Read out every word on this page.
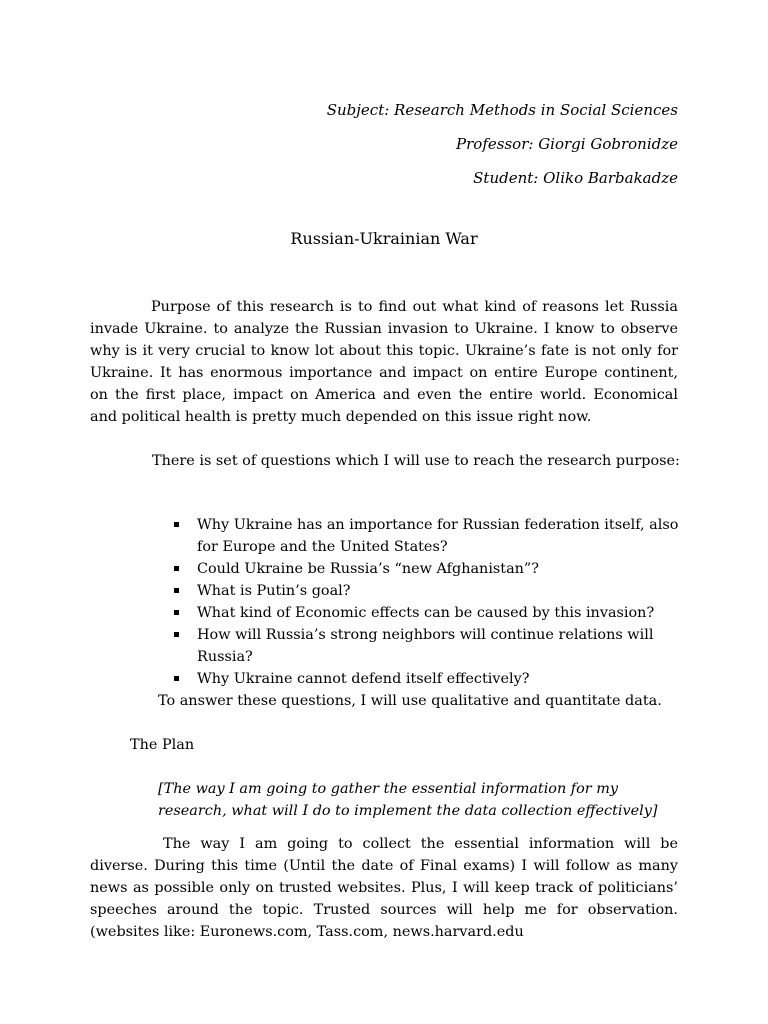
Subject: Research Methods in Social Sciences
Professor: Giorgi Gobronidze
Student: Oliko Barbakadze
Russian-Ukrainian War

Purpose of this research is to find out what kind of reasons let Russia invade Ukraine. to analyze the Russian invasion to Ukraine. I know to observe why is it very crucial to know lot about this topic. Ukraine’s fate is not only for Ukraine. It has enormous importance and impact on entire Europe continent, on the first place, impact on America and even the entire world. Economical and political health is pretty much depended on this issue right now.

There is set of questions which I will use to reach the research purpose:
Why Ukraine has an importance for Russian federation itself, also for Europe and the United States?
Could Ukraine be Russia’s “new Afghanistan”?
What is Putin’s goal?
What kind of Economic effects can be caused by this invasion?
How will Russia’s strong neighbors will continue relations will Russia?
Why Ukraine cannot defend itself effectively?
To answer these questions, I will use qualitative and quantitate data.
The Plan

[The way I am going to gather the essential information for my research, what will I do to implement the data collection effectively]

The way I am going to collect the essential information will be diverse. During this time (Until the date of Final exams) I will follow as many news as possible only on trusted websites. Plus, I will keep track of politicians’ speeches around the topic. Trusted sources will help me for observation. (websites like: Euronews.com, Tass.com, news.harvard.edu
